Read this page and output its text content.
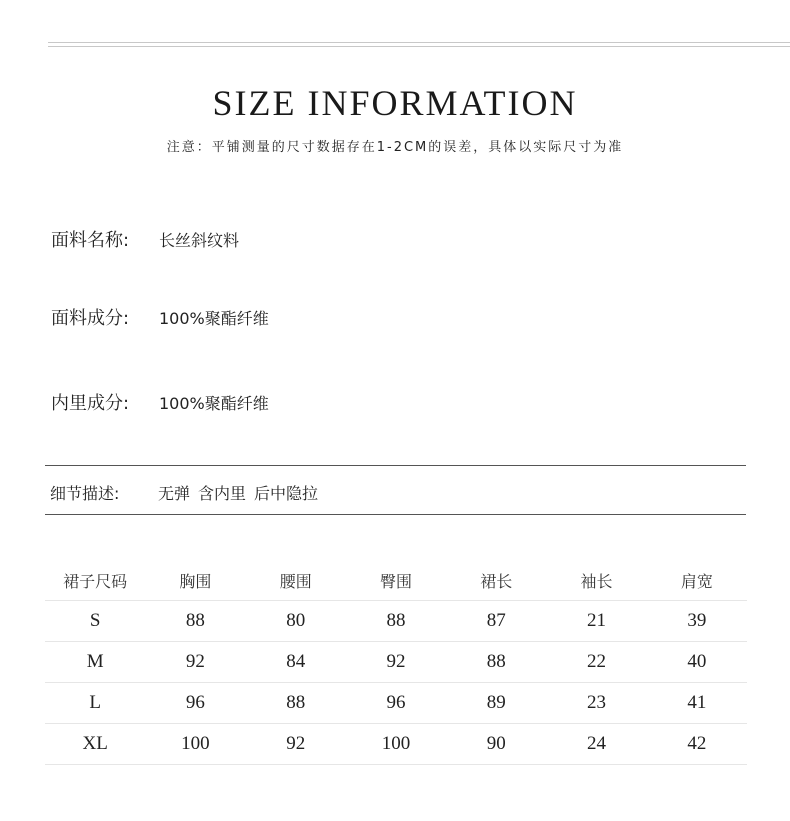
SIZE INFORMATION
注意：平铺测量的尺寸数据存在1-2CM的误差，具体以实际尺寸为准
面料名称: 长丝斜纹料
面料成分: 100%聚酯纤维
内里成分: 100%聚酯纤维
细节描述: 无弹 含内里 后中隐拉
裙子尺码	胸围	腰围	臀围	裙长	袖长	肩宽
S	88	80	88	87	21	39
M	92	84	92	88	22	40
L	96	88	96	89	23	41
XL	100	92	100	90	24	42
